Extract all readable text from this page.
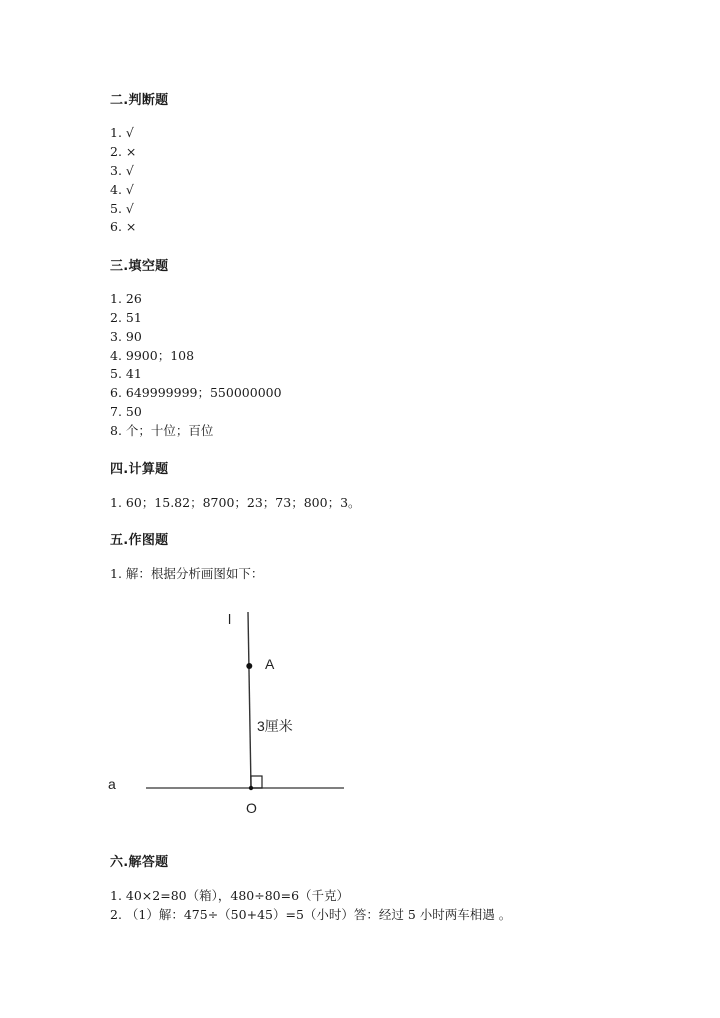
二.判断题
1. √
2. ×
3. √
4. √
5. √
6. ×
三.填空题
1. 26
2. 51
3. 90
4. 9900；108
5. 41
6. 649999999；550000000
7. 50
8. 个；十位；百位
四.计算题
1. 60；15.82；8700；23；73；800；3。
五.作图题
1. 解：根据分析画图如下：
l
A
3厘米
a
O
六.解答题
1. 40×2=80（箱），480÷80=6（千克）
2. （1）解：475÷（50+45）=5（小时）答：经过 5 小时两车相遇 。
